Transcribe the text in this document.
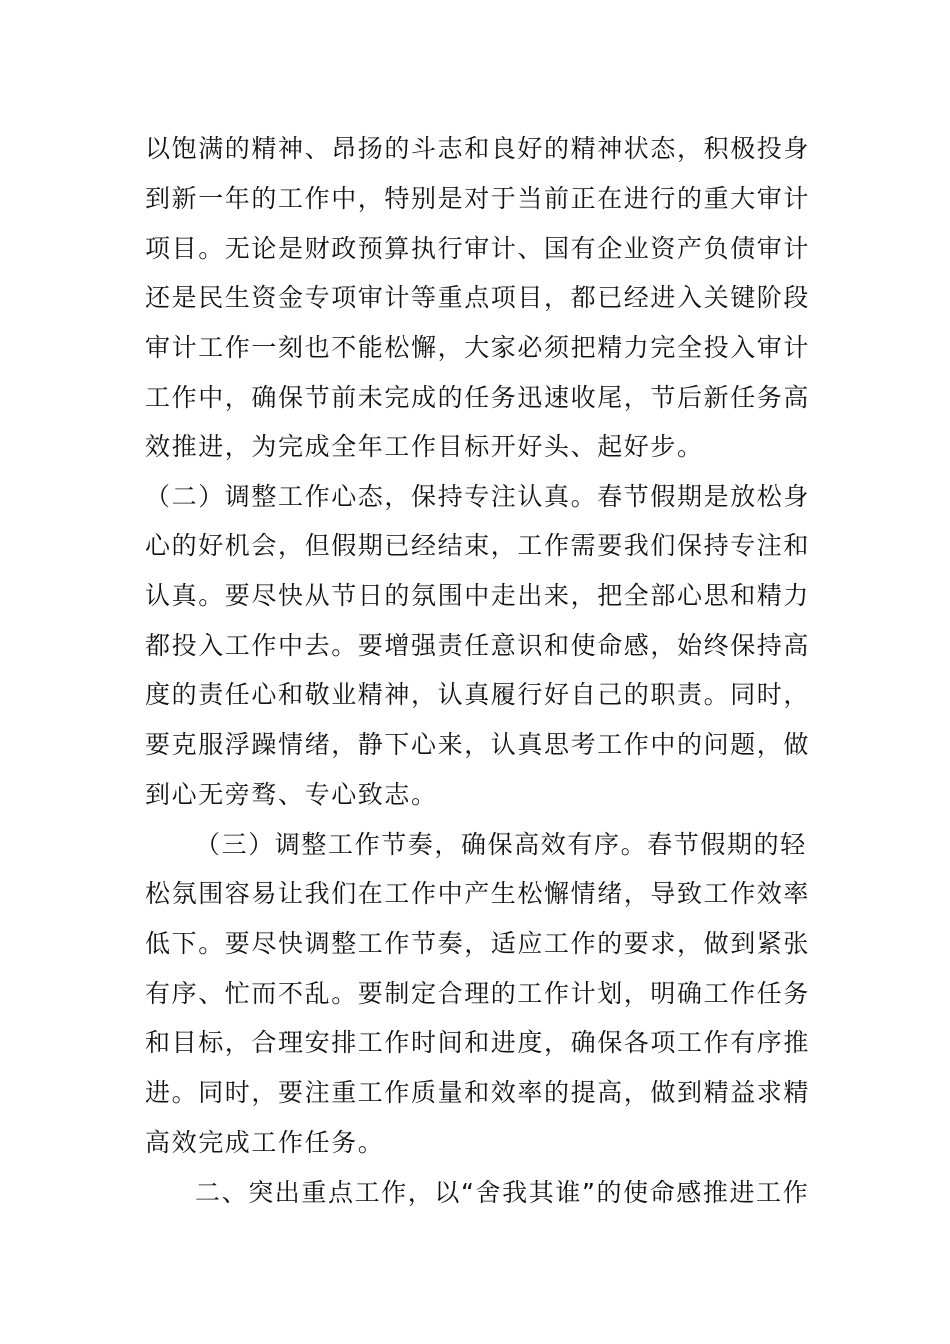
以饱满的精神、昂扬的斗志和良好的精神状态，积极投身
到新一年的工作中，特别是对于当前正在进行的重大审计
项目。无论是财政预算执行审计、国有企业资产负债审计
还是民生资金专项审计等重点项目，都已经进入关键阶段
审计工作一刻也不能松懈，大家必须把精力完全投入审计
工作中，确保节前未完成的任务迅速收尾，节后新任务高
效推进，为完成全年工作目标开好头、起好步。
（二）调整工作心态，保持专注认真。春节假期是放松身
心的好机会，但假期已经结束，工作需要我们保持专注和
认真。要尽快从节日的氛围中走出来，把全部心思和精力
都投入工作中去。要增强责任意识和使命感，始终保持高
度的责任心和敬业精神，认真履行好自己的职责。同时，
要克服浮躁情绪，静下心来，认真思考工作中的问题，做
到心无旁骛、专心致志。
（三）调整工作节奏，确保高效有序。春节假期的轻
松氛围容易让我们在工作中产生松懈情绪，导致工作效率
低下。要尽快调整工作节奏，适应工作的要求，做到紧张
有序、忙而不乱。要制定合理的工作计划，明确工作任务
和目标，合理安排工作时间和进度，确保各项工作有序推
进。同时，要注重工作质量和效率的提高，做到精益求精
高效完成工作任务。
二、突出重点工作，以“舍我其谁”的使命感推进工作
